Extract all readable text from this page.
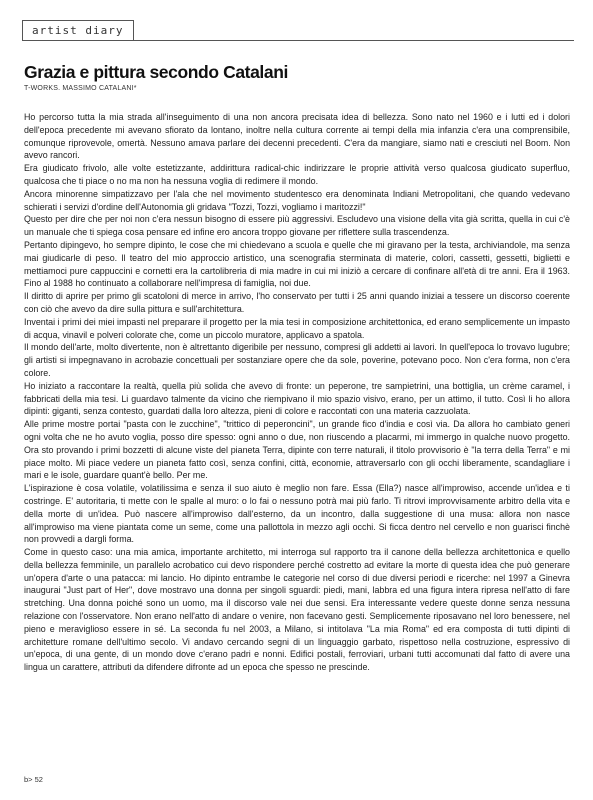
artist diary
Grazia e pittura secondo Catalani
T-WORKS. MASSIMO CATALANI*

Ho percorso tutta la mia strada all'inseguimento di una non ancora precisata idea di bellezza. Sono nato nel 1960 e i lutti ed i dolori dell'epoca precedente mi avevano sfiorato da lontano, inoltre nella cultura corrente ai tempi della mia infanzia c'era una comprensibile, comunque riprovevole, omertà. Nessuno amava parlare dei decenni precedenti. C'era da mangiare, siamo nati e cresciuti nel Boom. Non avevo rancori.

Era giudicato frivolo, alle volte estetizzante, addirittura radical-chic indirizzare le proprie attività verso qualcosa giudicato superfluo, qualcosa che ti piace o no ma non ha nessuna voglia di redimere il mondo.

Ancora minorenne simpatizzavo per l'ala che nel movimento studentesco era denominata Indiani Metropolitani, che quando vedevano schierati i servizi d'ordine dell'Autonomia gli gridava "Tozzi, Tozzi, vogliamo i maritozzi!"

Questo per dire che per noi non c'era nessun bisogno di essere più aggressivi. Escludevo una visione della vita già scritta, quella in cui c'è un manuale che ti spiega cosa pensare ed infine ero ancora troppo giovane per riflettere sulla trascendenza.

Pertanto dipingevo, ho sempre dipinto, le cose che mi chiedevano a scuola e quelle che mi giravano per la testa, archiviandole, ma senza mai giudicarle di peso. Il teatro del mio approccio artistico, una scenografia sterminata di materie, colori, cassetti, gessetti, biglietti e mettiamoci pure cappuccini e cornetti era la cartolibreria di mia madre in cui mi iniziò a cercare di confinare all'età di tre anni. Era il 1963. Fino al 1988 ho continuato a collaborare nell'impresa di famiglia, noi due.

Il diritto di aprire per primo gli scatoloni di merce in arrivo, l'ho conservato per tutti i 25 anni quando iniziai a tessere un discorso coerente con ciò che avevo da dire sulla pittura e sull'architettura.

Inventai i primi dei miei impasti nel preparare il progetto per la mia tesi in composizione architettonica, ed erano semplicemente un impasto di acqua, vinavil e polveri colorate che, come un piccolo muratore, applicavo a spatola.

Il mondo dell'arte, molto divertente, non è altrettanto digeribile per nessuno, compresi gli addetti ai lavori. In quell'epoca lo trovavo lugubre; gli artisti si impegnavano in acrobazie concettuali per sostanziare opere che da sole, poverine, potevano poco. Non c'era forma, non c'era colore.

Ho iniziato a raccontare la realtà, quella più solida che avevo di fronte: un peperone, tre sampietrini, una bottiglia, un crème caramel, i fabbricati della mia tesi. Li guardavo talmente da vicino che riempivano il mio spazio visivo, erano, per un attimo, il tutto. Così li ho allora dipinti: giganti, senza contesto, guardati dalla loro altezza, pieni di colore e raccontati con una materia cazzuolata.

Alle prime mostre portai "pasta con le zucchine", "trittico di peperoncini", un grande fico d'india e così via. Da allora ho cambiato generi ogni volta che ne ho avuto voglia, posso dire spesso: ogni anno o due, non riuscendo a placarmi, mi immergo in qualche nuovo progetto. Ora sto provando i primi bozzetti di alcune viste del pianeta Terra, dipinte con terre naturali, il titolo provvisorio è "la terra della Terra" e mi piace molto. Mi piace vedere un pianeta fatto così, senza confini, città, economie, attraversarlo con gli occhi liberamente, scandagliare i mari e le isole, guardare quant'è bello. Per me.

L'ispirazione è cosa volatile, volatilissima e senza il suo aiuto è meglio non fare. Essa (Ella?) nasce all'improwiso, accende un'idea e ti costringe. E' autoritaria, ti mette con le spalle al muro: o lo fai o nessuno potrà mai più farlo. Ti ritrovi improvvisamente arbitro della vita e della morte di un'idea. Può nascere all'improwiso dall'esterno, da un incontro, dalla suggestione di una musa: allora non nasce all'improwiso ma viene piantata come un seme, come una pallottola in mezzo agli occhi. Si ficca dentro nel cervello e non guarisci finchè non provvedi a dargli forma.

Come in questo caso: una mia amica, importante architetto, mi interroga sul rapporto tra il canone della bellezza architettonica e quello della bellezza femminile, un parallelo acrobatico cui devo rispondere perché costretto ad evitare la morte di questa idea che può generare un'opera d'arte o una patacca: mi lancio. Ho dipinto entrambe le categorie nel corso di due diversi periodi e ricerche: nel 1997 a Ginevra inaugurai "Just part of Her", dove mostravo una donna per singoli sguardi: piedi, mani, labbra ed una figura intera ripresa nell'atto di fare stretching. Una donna poiché sono un uomo, ma il discorso vale nei due sensi. Era interessante vedere queste donne senza nessuna relazione con l'osservatore. Non erano nell'atto di andare o venire, non facevano gesti. Semplicemente riposavano nel loro benessere, nel pieno e meraviglioso essere in sé. La seconda fu nel 2003, a Milano, si intitolava "La mia Roma" ed era composta di tutti dipinti di architetture romane dell'ultimo secolo. Vi andavo cercando segni di un linguaggio garbato, rispettoso nella costruzione, espressivo di un'epoca, di una gente, di un mondo dove c'erano padri e nonni. Edifici postali, ferroviari, urbani tutti accomunati dal fatto di avere una lingua un carattere, attributi da difendere difronte ad un epoca che spesso ne prescinde.

b> 52
